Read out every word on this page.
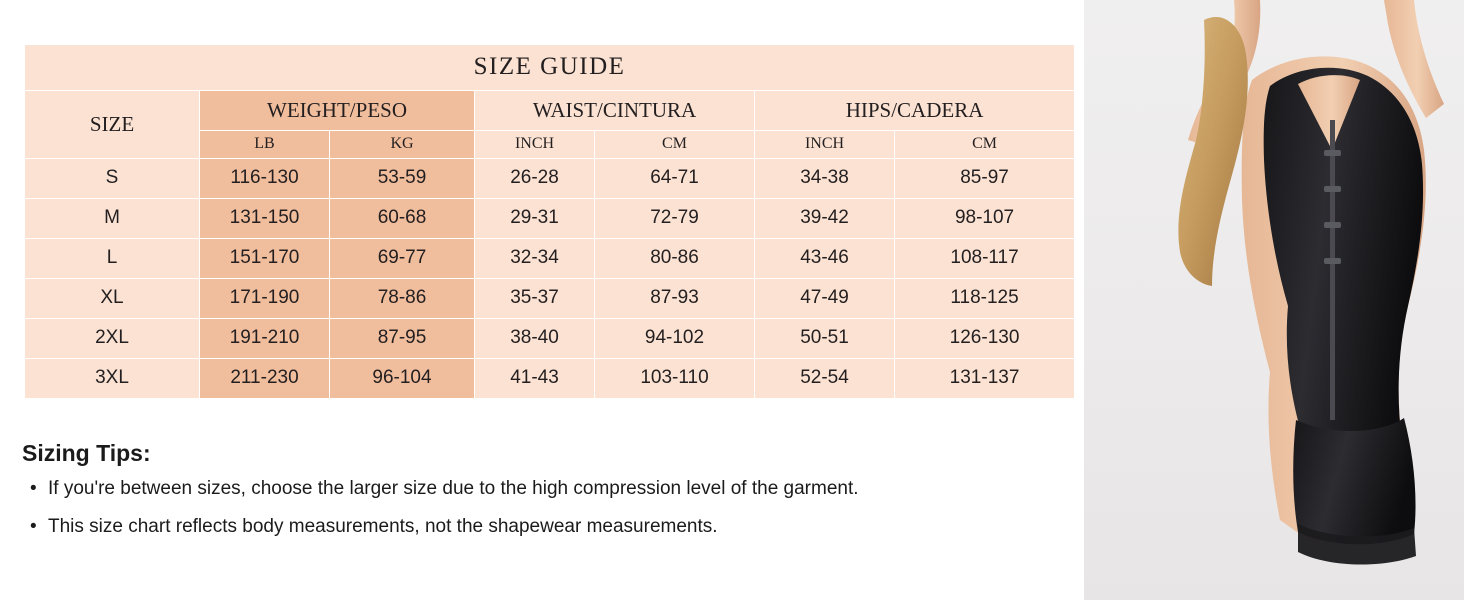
SIZE GUIDE						
SIZE	WEIGHT/PESO		WAIST/CINTURA		HIPS/CADERA	
	LB	KG	INCH	CM	INCH	CM
S	116-130	53-59	26-28	64-71	34-38	85-97
M	131-150	60-68	29-31	72-79	39-42	98-107
L	151-170	69-77	32-34	80-86	43-46	108-117
XL	171-190	78-86	35-37	87-93	47-49	118-125
2XL	191-210	87-95	38-40	94-102	50-51	126-130
3XL	211-230	96-104	41-43	103-110	52-54	131-137

Sizing Tips:

• If you're between sizes, choose the larger size due to the high compression level of the garment.
• This size chart reflects body measurements, not the shapewear measurements.
